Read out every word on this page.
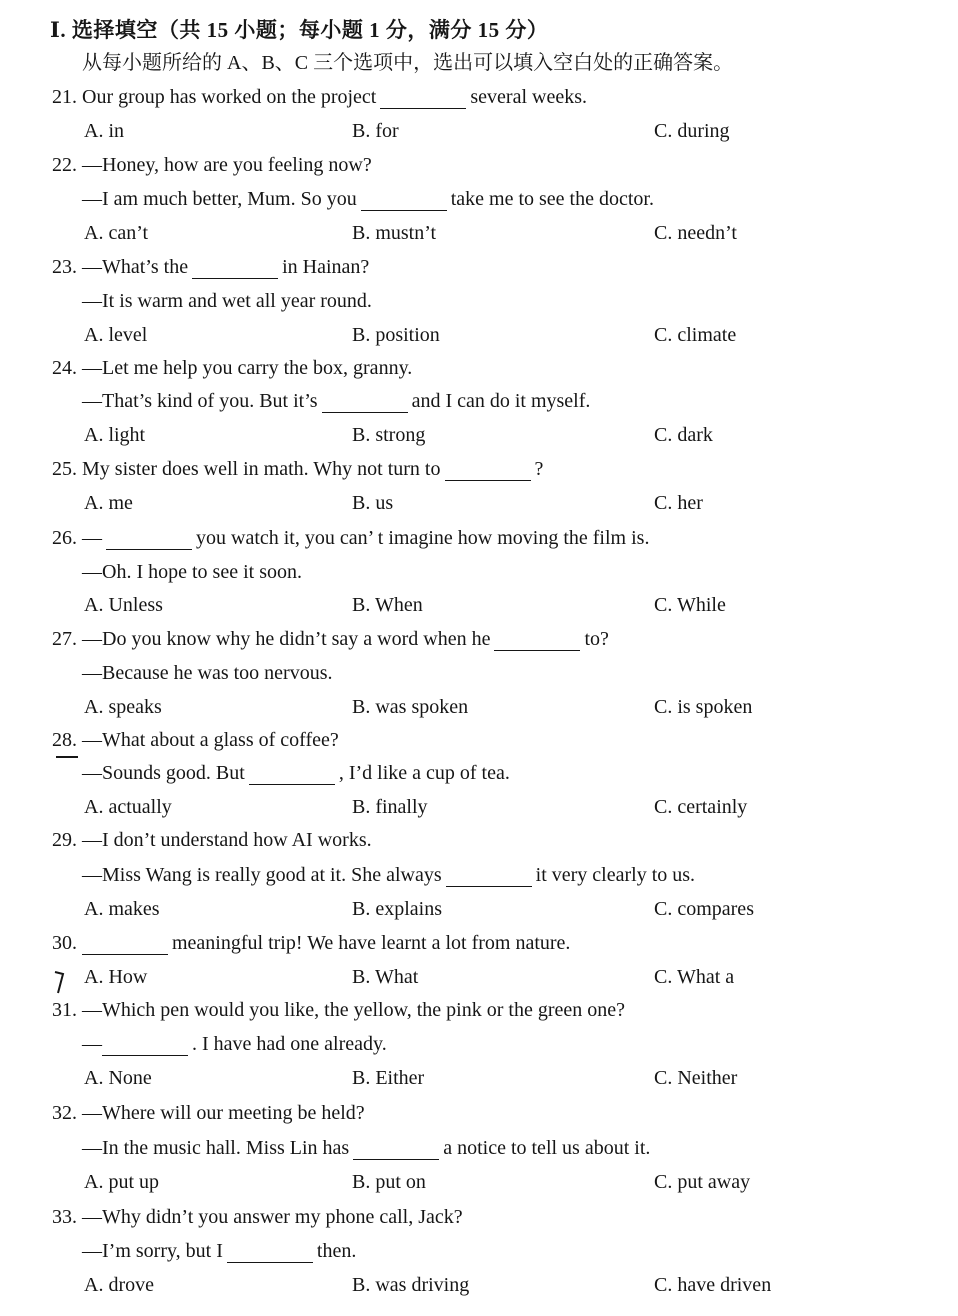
Ⅰ. 选择填空（共 15 小题；每小题 1 分，满分 15 分）
从每小题所给的 A、B、C 三个选项中，选出可以填入空白处的正确答案。
21. Our group has worked on the project	several weeks.
A. in	B. for	C. during
22. —Honey, how are you feeling now?
—I am much better, Mum. So you	take me to see the doctor.
A. can’t	B. mustn’t	C. needn’t
23. —What’s the	in Hainan?
—It is warm and wet all year round.
A. level	B. position	C. climate
24. —Let me help you carry the box, granny.
—That’s kind of you. But it’s	and I can do it myself.
A. light	B. strong	C. dark
25. My sister does well in math. Why not turn to	?
A. me	B. us	C. her
26. —	you watch it, you can’ t imagine how moving the film is.
—Oh. I hope to see it soon.
A. Unless	B. When	C. While
27. —Do you know why he didn’t say a word when he	to?
—Because he was too nervous.
A. speaks	B. was spoken	C. is spoken
28. —What about a glass of coffee?
—Sounds good. But	, I’d like a cup of tea.
A. actually	B. finally	C. certainly
29. —I don’t understand how AI works.
—Miss Wang is really good at it. She always	it very clearly to us.
A. makes	B. explains	C. compares
30.	meaningful trip! We have learnt a lot from nature.
A. How	B. What	C. What a
31. —Which pen would you like, the yellow, the pink or the green one?
—	. I have had one already.
A. None	B. Either	C. Neither
32. —Where will our meeting be held?
—In the music hall. Miss Lin has	a notice to tell us about it.
A. put up	B. put on	C. put away
33. —Why didn’t you answer my phone call, Jack?
—I’m sorry, but I	then.
A. drove	B. was driving	C. have driven
